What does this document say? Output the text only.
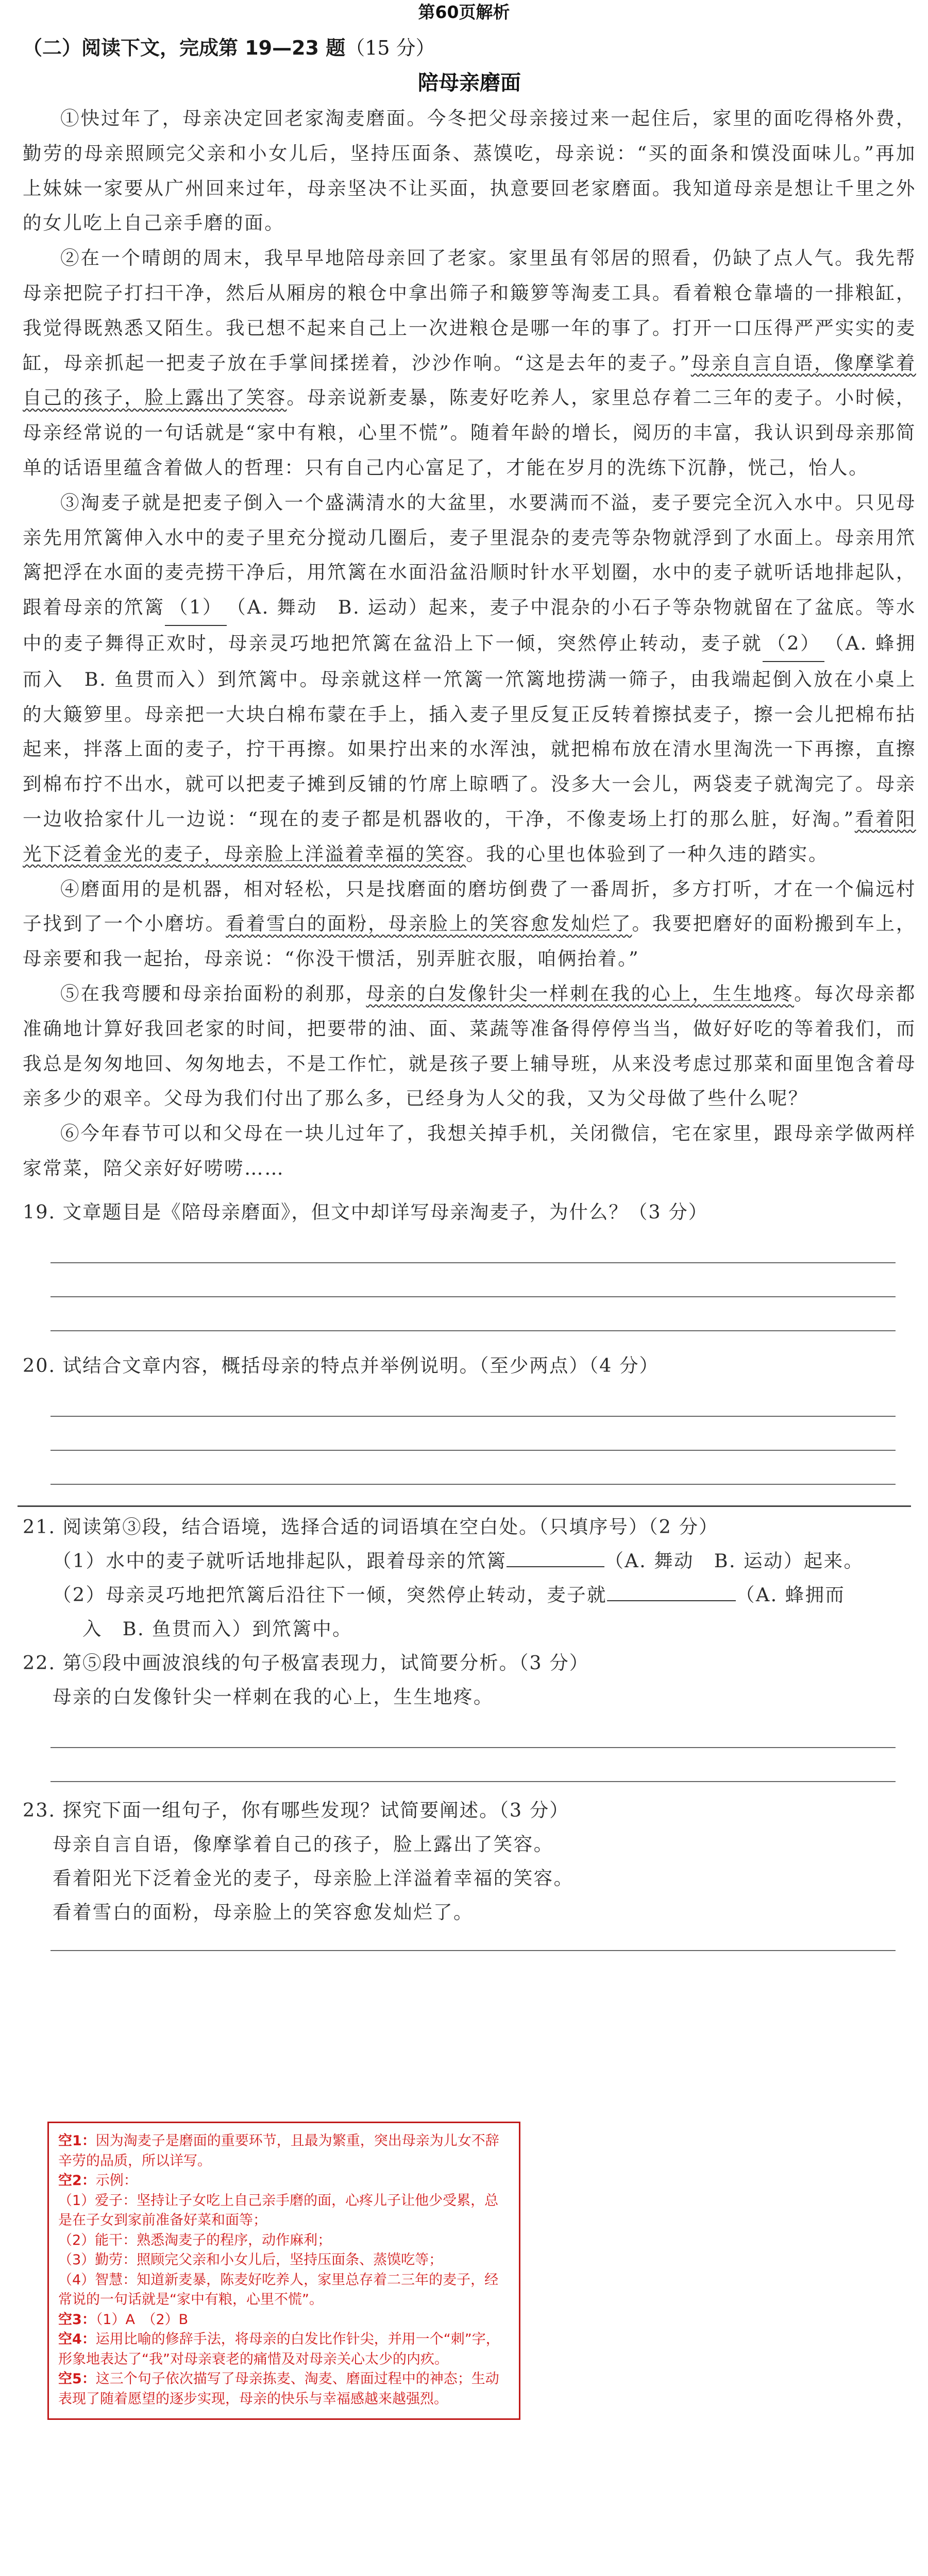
第60页解析
（二）阅读下文，完成第 19—23 题（15 分）
陪母亲磨面

①快过年了，母亲决定回老家淘麦磨面。今冬把父母亲接过来一起住后，家里的面吃得格外费，勤劳的母亲照顾完父亲和小女儿后，坚持压面条、蒸馍吃，母亲说：“买的面条和馍没面味儿。”再加上妹妹一家要从广州回来过年，母亲坚决不让买面，执意要回老家磨面。我知道母亲是想让千里之外的女儿吃上自己亲手磨的面。

②在一个晴朗的周末，我早早地陪母亲回了老家。家里虽有邻居的照看，仍缺了点人气。我先帮母亲把院子打扫干净，然后从厢房的粮仓中拿出筛子和簸箩等淘麦工具。看着粮仓靠墙的一排粮缸，我觉得既熟悉又陌生。我已想不起来自己上一次进粮仓是哪一年的事了。打开一口压得严严实实的麦缸，母亲抓起一把麦子放在手掌间揉搓着，沙沙作响。“这是去年的麦子。”母亲自言自语，像摩挲着自己的孩子，脸上露出了笑容。母亲说新麦暴，陈麦好吃养人，家里总存着二三年的麦子。小时候，母亲经常说的一句话就是“家中有粮，心里不慌”。随着年龄的增长，阅历的丰富，我认识到母亲那简单的话语里蕴含着做人的哲理：只有自己内心富足了，才能在岁月的洗练下沉静，恍己，怡人。

③淘麦子就是把麦子倒入一个盛满清水的大盆里，水要满而不溢，麦子要完全沉入水中。只见母亲先用笊篱伸入水中的麦子里充分搅动几圈后，麦子里混杂的麦壳等杂物就浮到了水面上。母亲用笊篱把浮在水面的麦壳捞干净后，用笊篱在水面沿盆沿顺时针水平划圈，水中的麦子就听话地排起队，跟着母亲的笊篱 （1） （A. 舞动　B. 运动）起来，麦子中混杂的小石子等杂物就留在了盆底。等水中的麦子舞得正欢时，母亲灵巧地把笊篱在盆沿上下一倾，突然停止转动，麦子就 （2） （A. 蜂拥而入　B. 鱼贯而入）到笊篱中。母亲就这样一笊篱一笊篱地捞满一筛子，由我端起倒入放在小桌上的大簸箩里。母亲把一大块白棉布蒙在手上，插入麦子里反复正反转着擦拭麦子，擦一会儿把棉布拈起来，拌落上面的麦子，拧干再擦。如果拧出来的水浑浊，就把棉布放在清水里淘洗一下再擦，直擦到棉布拧不出水，就可以把麦子摊到反铺的竹席上晾晒了。没多大一会儿，两袋麦子就淘完了。母亲一边收拾家什儿一边说：“现在的麦子都是机器收的，干净，不像麦场上打的那么脏，好淘。”看着阳光下泛着金光的麦子，母亲脸上洋溢着幸福的笑容。我的心里也体验到了一种久违的踏实。

④磨面用的是机器，相对轻松，只是找磨面的磨坊倒费了一番周折，多方打听，才在一个偏远村子找到了一个小磨坊。看着雪白的面粉，母亲脸上的笑容愈发灿烂了。我要把磨好的面粉搬到车上，母亲要和我一起抬，母亲说：“你没干惯活，别弄脏衣服，咱俩抬着。”

⑤在我弯腰和母亲抬面粉的刹那，母亲的白发像针尖一样刺在我的心上，生生地疼。每次母亲都准确地计算好我回老家的时间，把要带的油、面、菜蔬等准备得停停当当，做好好吃的等着我们，而我总是匆匆地回、匆匆地去，不是工作忙，就是孩子要上辅导班，从来没考虑过那菜和面里饱含着母亲多少的艰辛。父母为我们付出了那么多，已经身为人父的我，又为父母做了些什么呢？

⑥今年春节可以和父母在一块儿过年了，我想关掉手机，关闭微信，宅在家里，跟母亲学做两样家常菜，陪父亲好好唠唠……

19. 文章题目是《陪母亲磨面》，但文中却详写母亲淘麦子，为什么？（3 分）
20. 试结合文章内容，概括母亲的特点并举例说明。（至少两点）（4 分）
21. 阅读第③段，结合语境，选择合适的词语填在空白处。（只填序号）（2 分）
（1）水中的麦子就听话地排起队，跟着母亲的笊篱	（A. 舞动　B. 运动）起来。
（2）母亲灵巧地把笊篱后沿往下一倾，突然停止转动，麦子就	（A. 蜂拥而
入　B. 鱼贯而入）到笊篱中。
22. 第⑤段中画波浪线的句子极富表现力，试简要分析。（3 分）
母亲的白发像针尖一样刺在我的心上，生生地疼。
23. 探究下面一组句子，你有哪些发现？试简要阐述。（3 分）
母亲自言自语，像摩挲着自己的孩子，脸上露出了笑容。
看着阳光下泛着金光的麦子，母亲脸上洋溢着幸福的笑容。
看着雪白的面粉，母亲脸上的笑容愈发灿烂了。
空1：因为淘麦子是磨面的重要环节，且最为繁重，突出母亲为儿女不辞辛劳的品质，所以详写。
空2：示例：
（1）爱子：坚持让子女吃上自己亲手磨的面，心疼儿子让他少受累，总是在子女到家前准备好菜和面等；
（2）能干：熟悉淘麦子的程序，动作麻利；
（3）勤劳：照顾完父亲和小女儿后，坚持压面条、蒸馍吃等；
（4）智慧：知道新麦暴，陈麦好吃养人，家里总存着二三年的麦子，经常说的一句话就是“家中有粮，心里不慌”。
空3：（1）A　（2）B
空4：运用比喻的修辞手法，将母亲的白发比作针尖，并用一个“刺”字，形象地表达了“我”对母亲衰老的痛惜及对母亲关心太少的内疚。
空5：这三个句子依次描写了母亲拣麦、淘麦、磨面过程中的神态；生动表现了随着愿望的逐步实现，母亲的快乐与幸福感越来越强烈。
